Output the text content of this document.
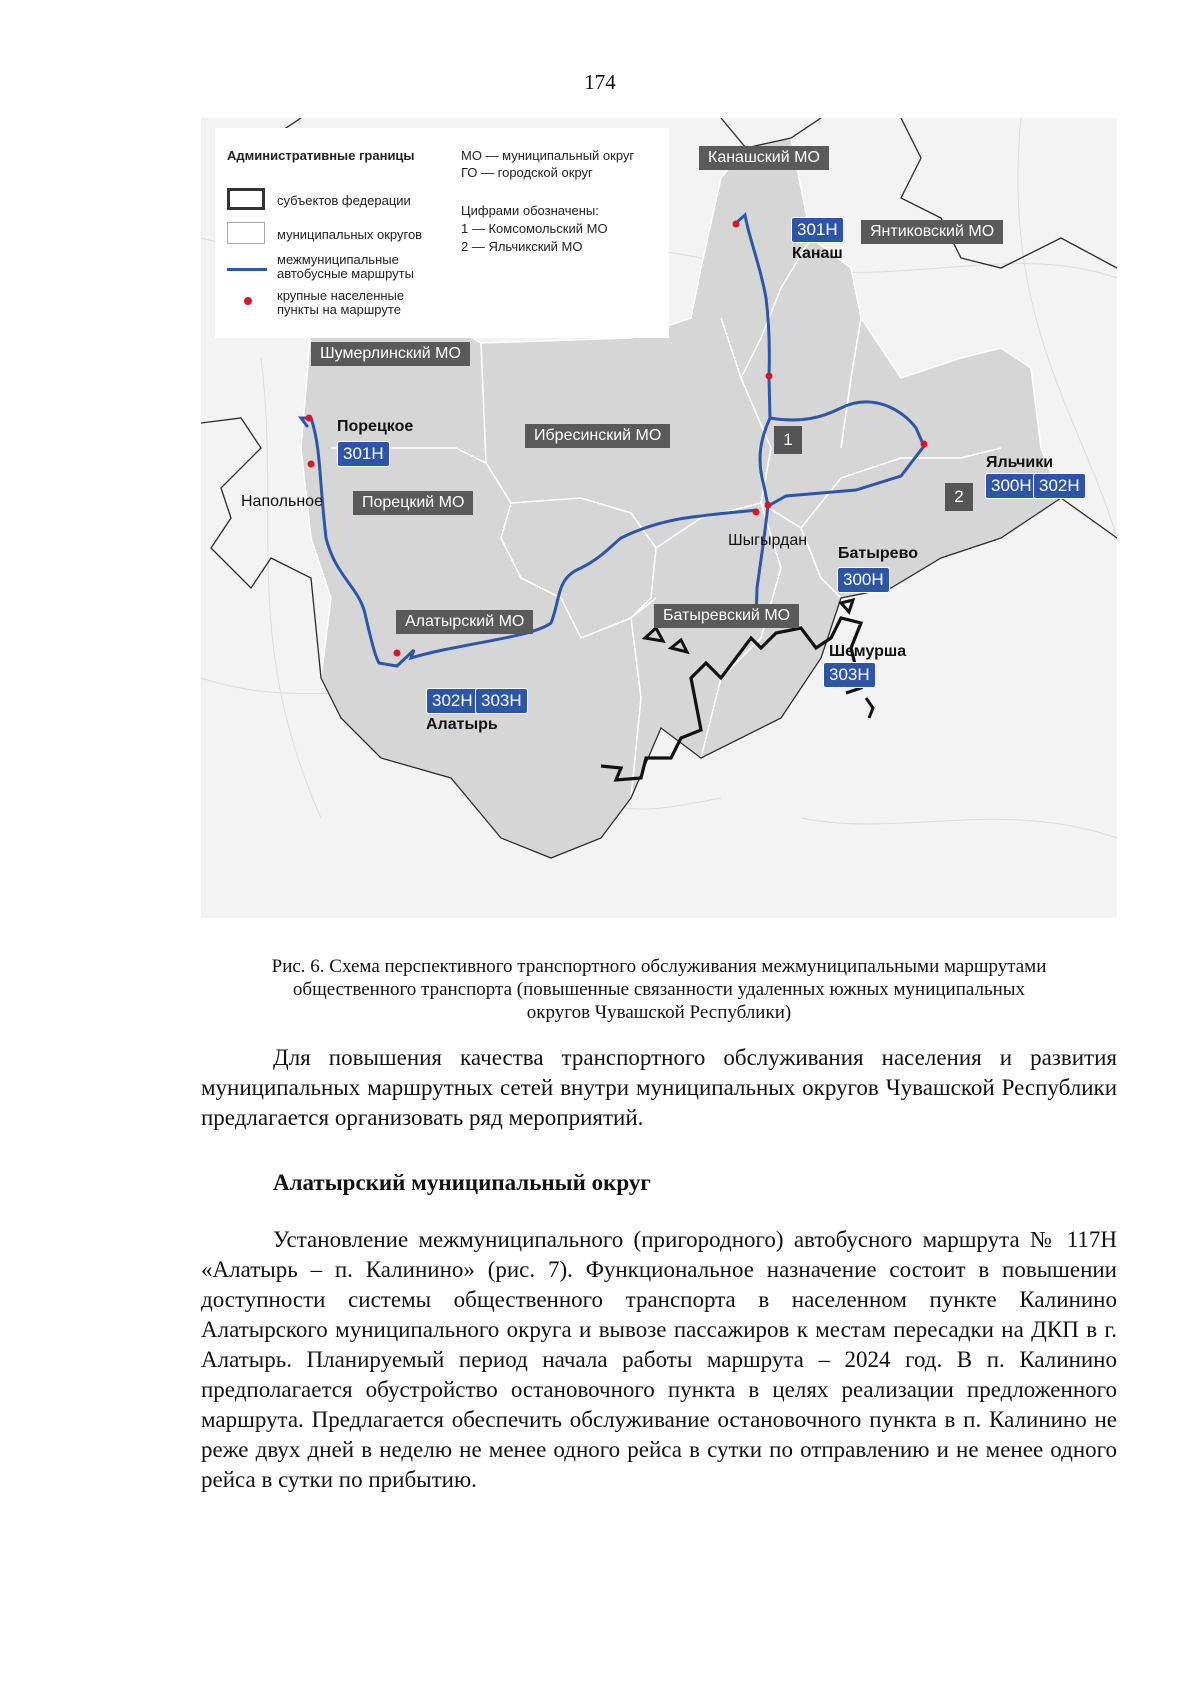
174
Административные границы
субъектов федерации
муниципальных округов
межмуниципальные
автобусные маршруты
крупные населенные
пункты на маршруте
МО — муниципальный округ
ГО — городской округ
Цифрами обозначены:
1 — Комсомольский МО
2 — Яльчикский МО
Канашский МО
Янтиковский МО
Шумерлинский МО
Ибресинский МО
Порецкий МО
Алатырский МО	Батыревский МО
1
2
301Н
Канаш
Порецкое
301Н
Напольное
Яльчики
300Н 302Н
Шыгырдан
Батырево
300Н
Шемурша
303Н
302Н 303Н
Алатырь
Рис. 6. Схема перспективного транспортного обслуживания межмуниципальными маршрутами
общественного транспорта (повышенные связанности удаленных южных муниципальных
округов Чувашской Республики)
Для повышения качества транспортного обслуживания населения и развития муниципальных маршрутных сетей внутри муниципальных округов Чувашской Республики предлагается организовать ряд мероприятий.
Алатырский муниципальный округ
Установление межмуниципального (пригородного) автобусного маршрута № 117Н «Алатырь – п. Калинино» (рис. 7). Функциональное назначение состоит в повышении доступности системы общественного транспорта в населенном пункте Калинино Алатырского муниципального округа и вывозе пассажиров к местам пересадки на ДКП в г. Алатырь. Планируемый период начала работы маршрута – 2024 год. В п. Калинино предполагается обустройство остановочного пункта в целях реализации предложенного маршрута. Предлагается обеспечить обслуживание остановочного пункта в п. Калинино не реже двух дней в неделю не менее одного рейса в сутки по отправлению и не менее одного рейса в сутки по прибытию.
